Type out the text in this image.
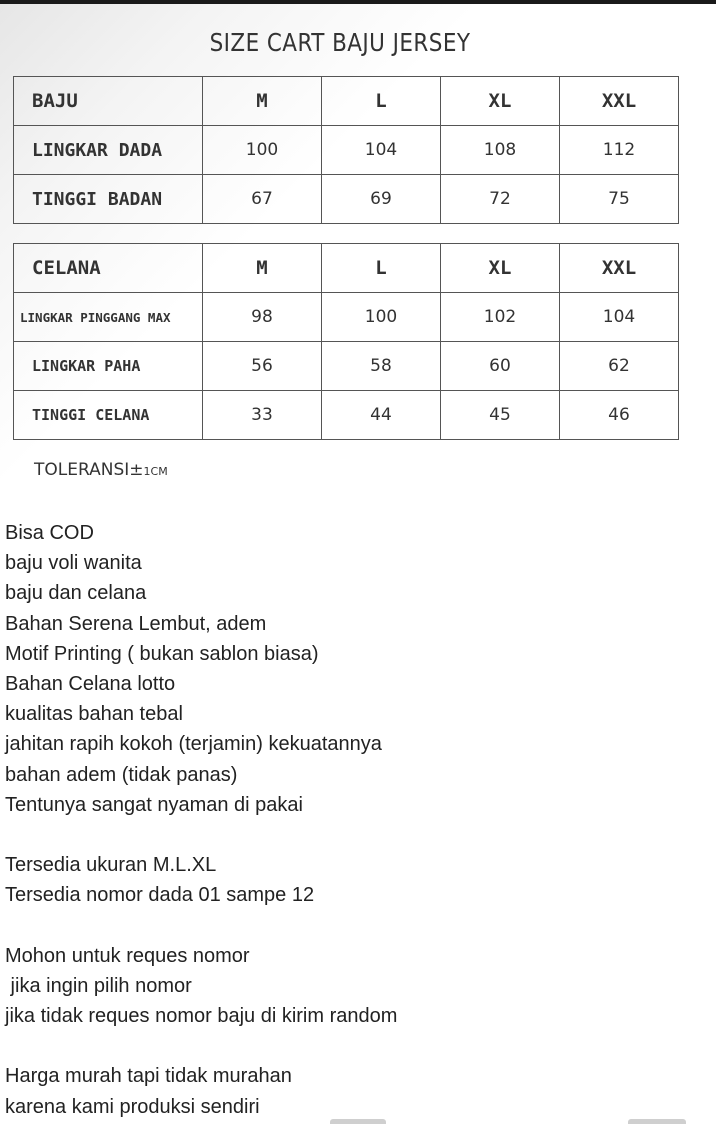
SIZE CART BAJU JERSEY
BAJU	M	L	XL	XXL
LINGKAR DADA	100	104	108	112
TINGGI BADAN	67	69	72	75
CELANA	M	L	XL	XXL
LINGKAR PINGGANG MAX	98	100	102	104
LINGKAR PAHA	56	58	60	62
TINGGI CELANA	33	44	45	46
TOLERANSI±1CM
Bisa COD
baju voli wanita
baju dan celana
Bahan Serena Lembut, adem
Motif Printing ( bukan sablon biasa)
Bahan Celana lotto
kualitas bahan tebal
jahitan rapih kokoh (terjamin) kekuatannya
bahan adem (tidak panas)
Tentunya sangat nyaman di pakai
Tersedia ukuran M.L.XL
Tersedia nomor dada 01 sampe 12
Mohon untuk reques nomor
jika ingin pilih nomor
jika tidak reques nomor baju di kirim random
Harga murah tapi tidak murahan
karena kami produksi sendiri
